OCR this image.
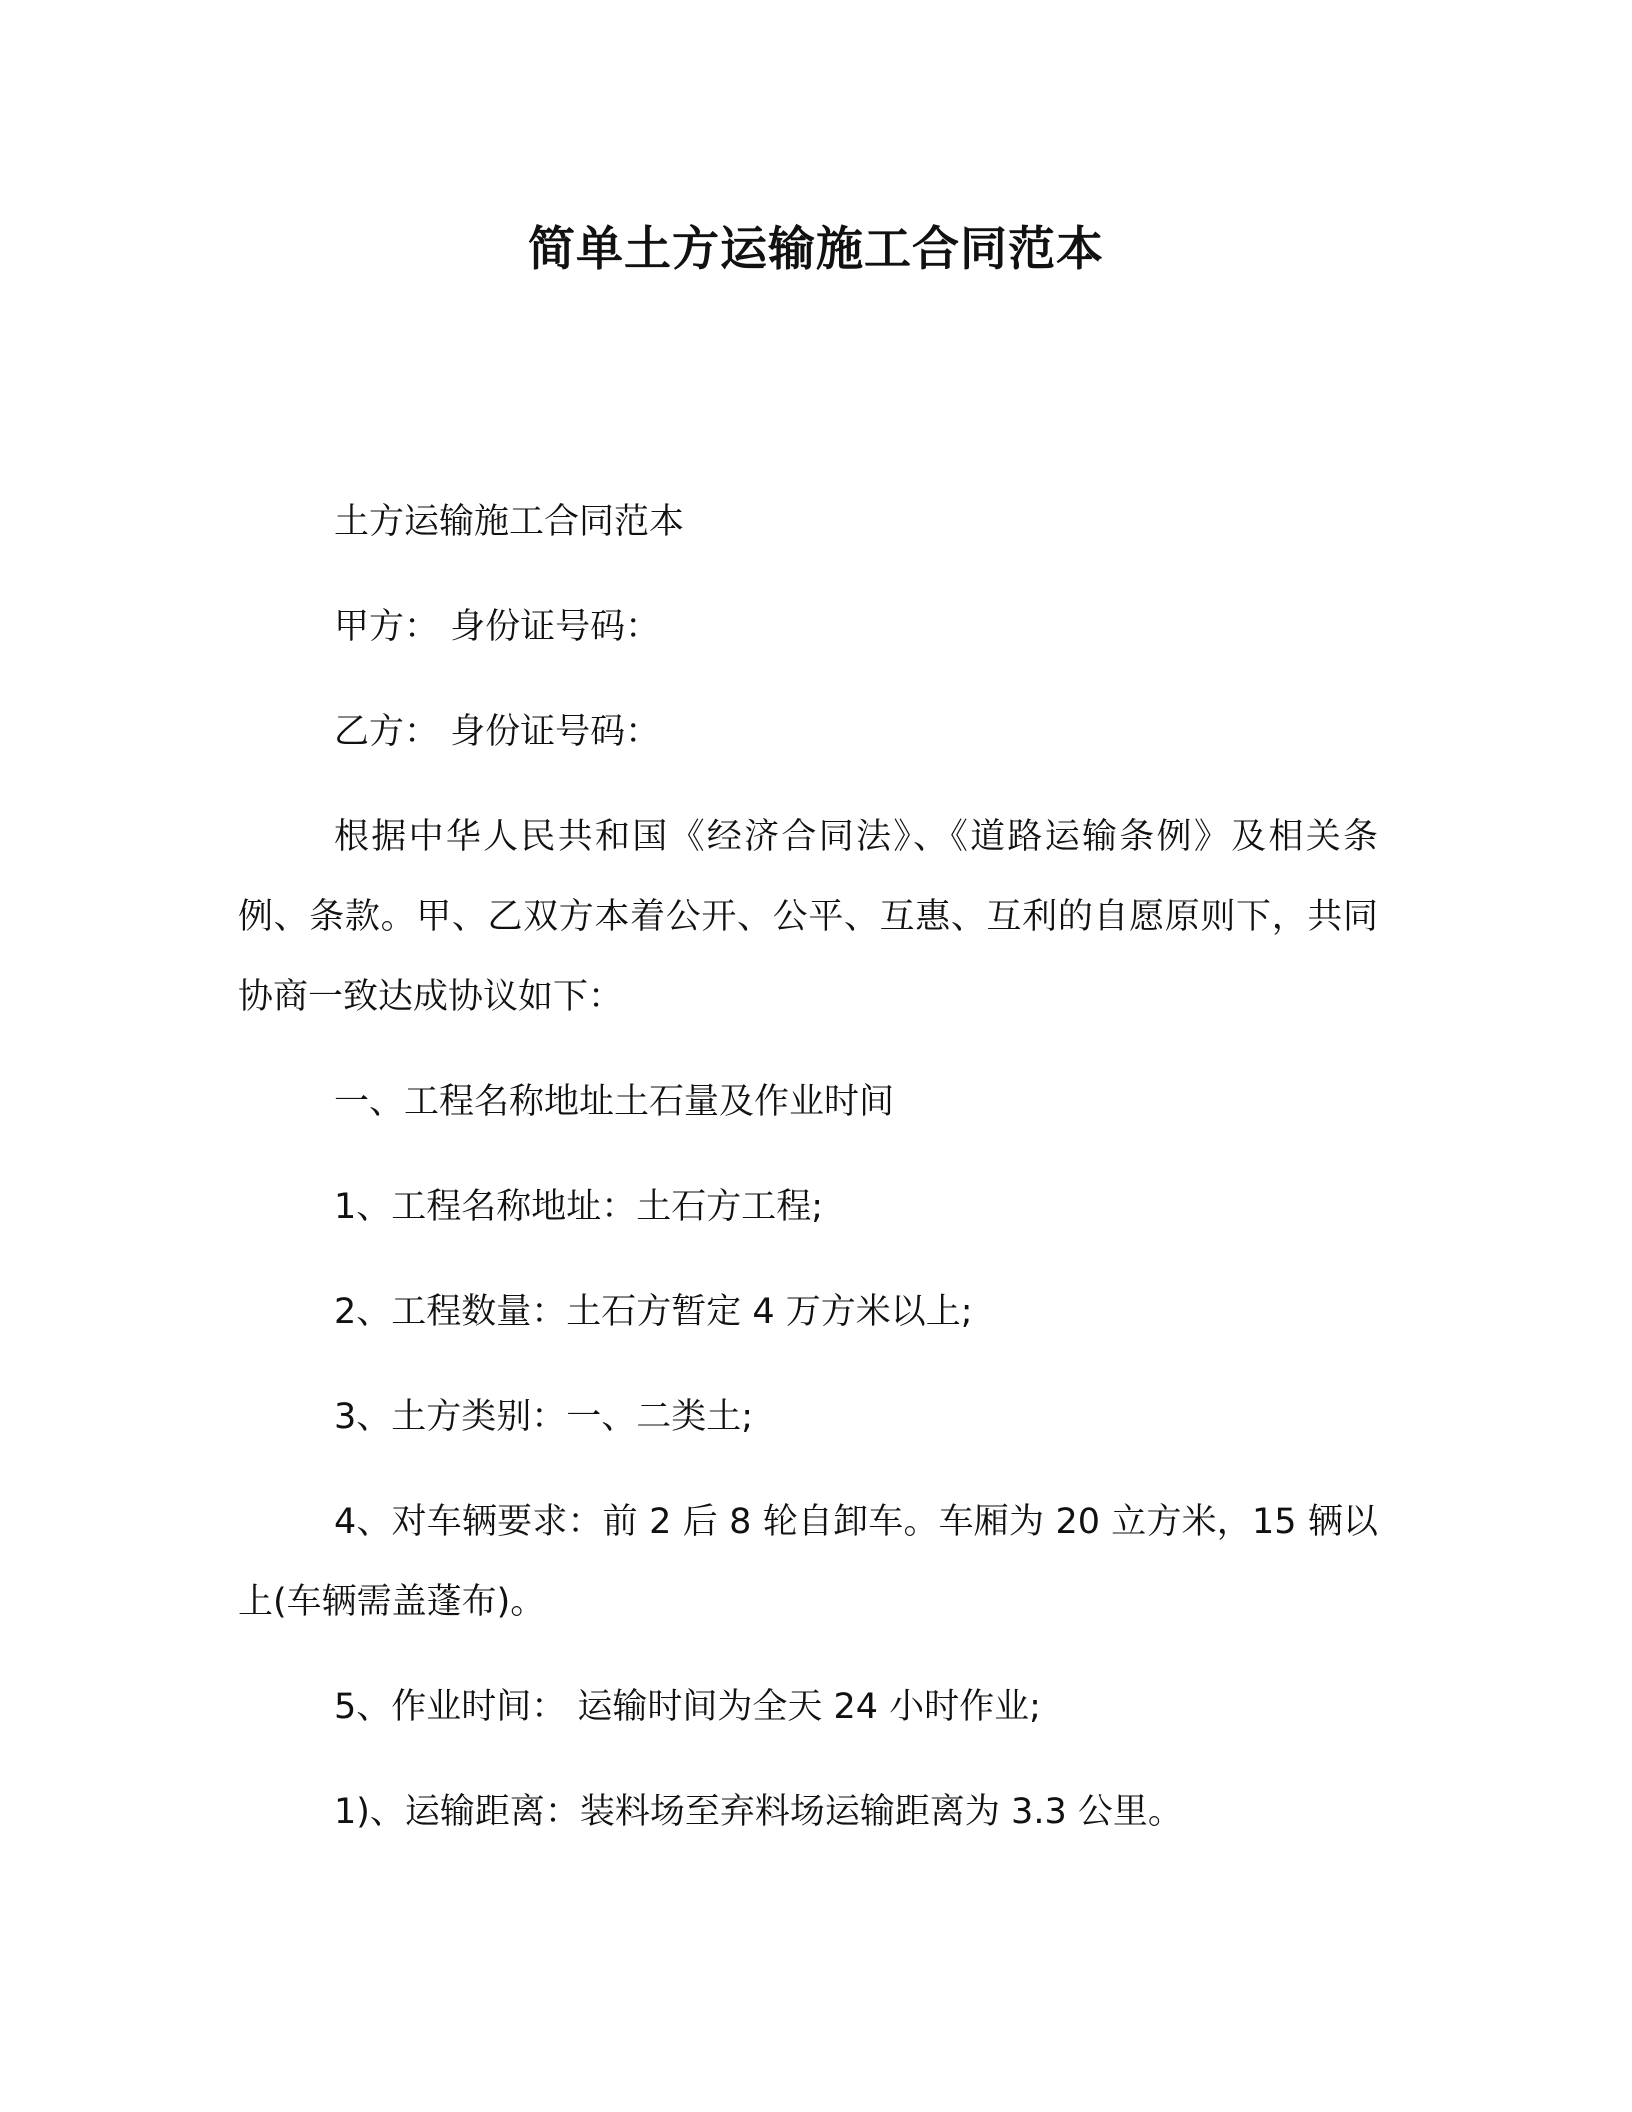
简单土方运输施工合同范本

土方运输施工合同范本

甲方： 身份证号码：

乙方： 身份证号码：

根据中华人民共和国《经济合同法》、《道路运输条例》及相关条例、条款。甲、乙双方本着公开、公平、互惠、互利的自愿原则下，共同协商一致达成协议如下：

一、工程名称地址土石量及作业时间

1、工程名称地址：土石方工程;

2、工程数量：土石方暂定 4 万方米以上;

3、土方类别：一、二类土;

4、对车辆要求：前 2 后 8 轮自卸车。车厢为 20 立方米，15 辆以上(车辆需盖蓬布)。

5、作业时间： 运输时间为全天 24 小时作业;

1)、运输距离：装料场至弃料场运输距离为 3.3 公里。
